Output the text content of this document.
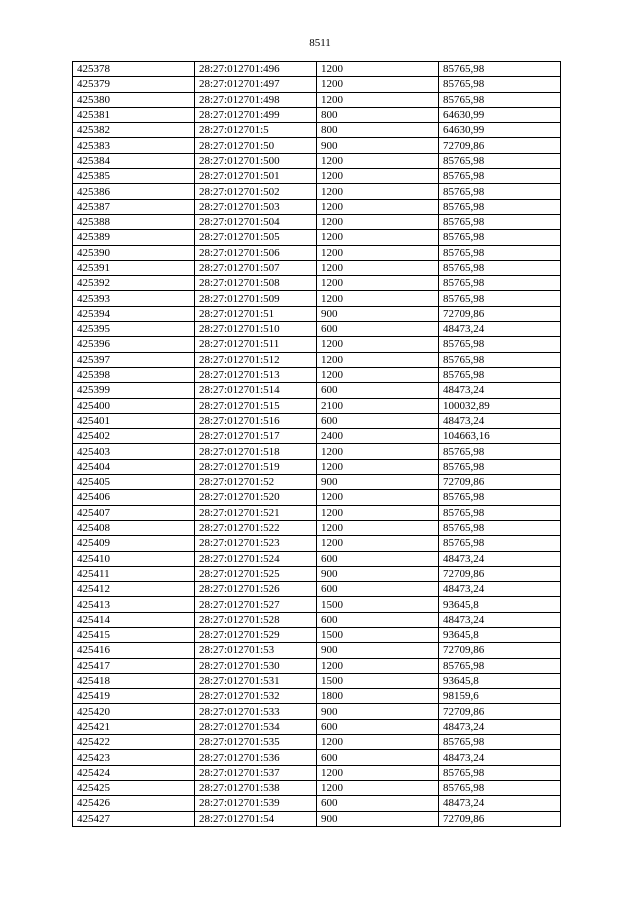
8511
425378	28:27:012701:496	1200	85765,98
425379	28:27:012701:497	1200	85765,98
425380	28:27:012701:498	1200	85765,98
425381	28:27:012701:499	800	64630,99
425382	28:27:012701:5	800	64630,99
425383	28:27:012701:50	900	72709,86
425384	28:27:012701:500	1200	85765,98
425385	28:27:012701:501	1200	85765,98
425386	28:27:012701:502	1200	85765,98
425387	28:27:012701:503	1200	85765,98
425388	28:27:012701:504	1200	85765,98
425389	28:27:012701:505	1200	85765,98
425390	28:27:012701:506	1200	85765,98
425391	28:27:012701:507	1200	85765,98
425392	28:27:012701:508	1200	85765,98
425393	28:27:012701:509	1200	85765,98
425394	28:27:012701:51	900	72709,86
425395	28:27:012701:510	600	48473,24
425396	28:27:012701:511	1200	85765,98
425397	28:27:012701:512	1200	85765,98
425398	28:27:012701:513	1200	85765,98
425399	28:27:012701:514	600	48473,24
425400	28:27:012701:515	2100	100032,89
425401	28:27:012701:516	600	48473,24
425402	28:27:012701:517	2400	104663,16
425403	28:27:012701:518	1200	85765,98
425404	28:27:012701:519	1200	85765,98
425405	28:27:012701:52	900	72709,86
425406	28:27:012701:520	1200	85765,98
425407	28:27:012701:521	1200	85765,98
425408	28:27:012701:522	1200	85765,98
425409	28:27:012701:523	1200	85765,98
425410	28:27:012701:524	600	48473,24
425411	28:27:012701:525	900	72709,86
425412	28:27:012701:526	600	48473,24
425413	28:27:012701:527	1500	93645,8
425414	28:27:012701:528	600	48473,24
425415	28:27:012701:529	1500	93645,8
425416	28:27:012701:53	900	72709,86
425417	28:27:012701:530	1200	85765,98
425418	28:27:012701:531	1500	93645,8
425419	28:27:012701:532	1800	98159,6
425420	28:27:012701:533	900	72709,86
425421	28:27:012701:534	600	48473,24
425422	28:27:012701:535	1200	85765,98
425423	28:27:012701:536	600	48473,24
425424	28:27:012701:537	1200	85765,98
425425	28:27:012701:538	1200	85765,98
425426	28:27:012701:539	600	48473,24
425427	28:27:012701:54	900	72709,86
